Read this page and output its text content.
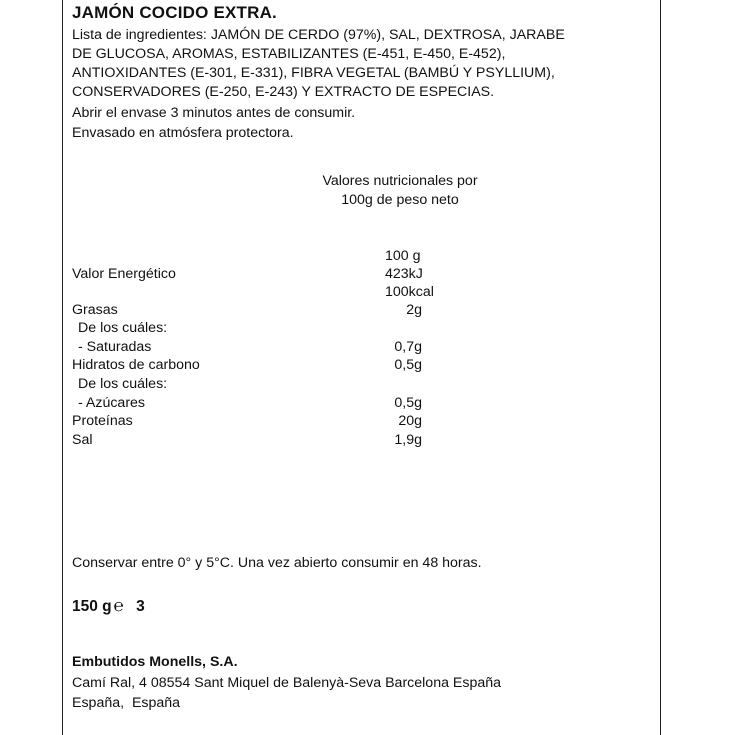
JAMÓN COCIDO EXTRA.
Lista de ingredientes: JAMÓN DE CERDO (97%), SAL, DEXTROSA, JARABE
DE GLUCOSA, AROMAS, ESTABILIZANTES (E-451, E-450, E-452),
ANTIOXIDANTES (E-301, E-331), FIBRA VEGETAL (BAMBÚ Y PSYLLIUM),
CONSERVADORES (E-250, E-243) Y EXTRACTO DE ESPECIAS.
Abrir el envase 3 minutos antes de consumir.
Envasado en atmósfera protectora.
Valores nutricionales por
100g de peso neto
100 g
Valor Energético	423kJ
100kcal
Grasas	2g
De los cuáles:
- Saturadas	0,7g
Hidratos de carbono	0,5g
De los cuáles:
- Azúcares	0,5g
Proteínas	20g
Sal	1,9g
Conservar entre 0° y 5°C. Una vez abierto consumir en 48 horas.
150 g ℮ 3
Embutidos Monells, S.A.
Camí Ral, 4 08554 Sant Miquel de Balenyà-Seva Barcelona España
España,  España
